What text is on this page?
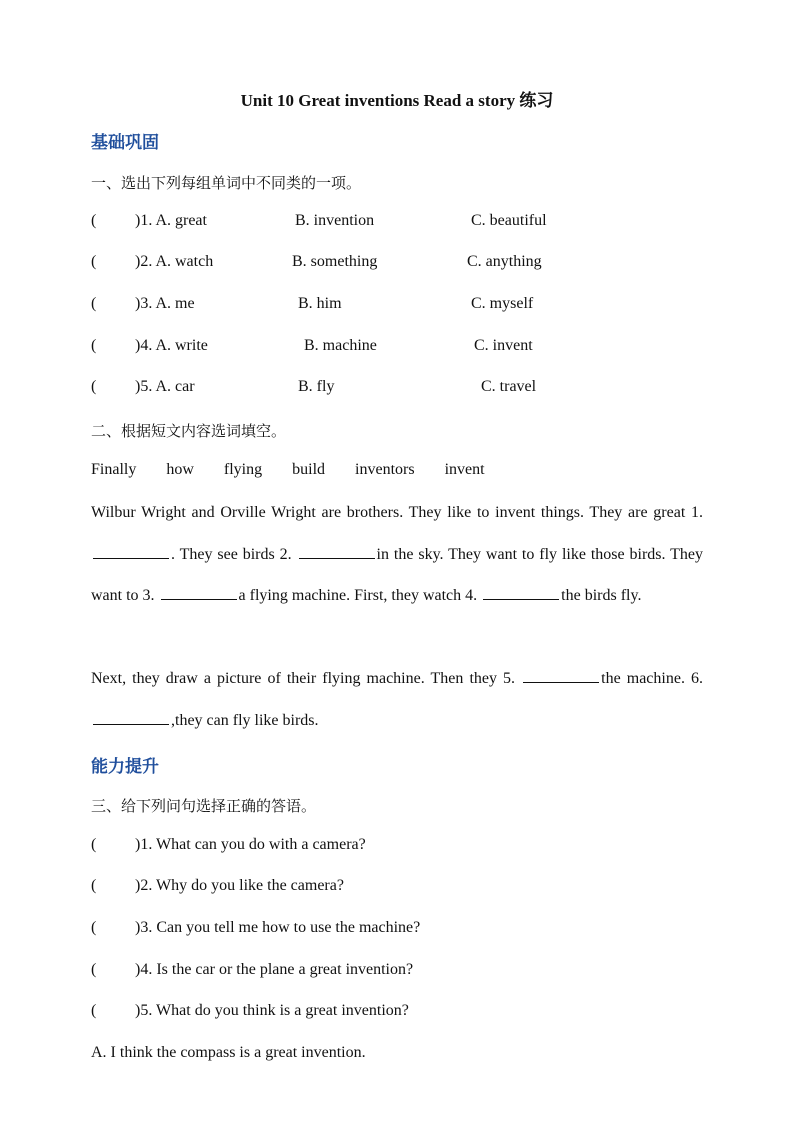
Unit 10 Great inventions Read a story 练习
基础巩固
一、选出下列每组单词中不同类的一项。
( )1. A. great	B. invention	C. beautiful
( )2. A. watch	B. something	C. anything
( )3. A. me	B. him	C. myself
( )4. A. write	B. machine	C. invent
( )5. A. car	B. fly	C. travel
二、根据短文内容选词填空。
Finally how flying build inventors invent
Wilbur Wright and Orville Wright are brothers. They like to invent things. They are great 1. . They see birds 2.	in the sky. They want to fly like those birds. They want to 3.	a flying machine. First, they watch 4.	the birds fly.
Next, they draw a picture of their flying machine. Then they 5.	the machine. 6. ,they can fly like birds.
能力提升
三、给下列问句选择正确的答语。
( )1. What can you do with a camera?
( )2. Why do you like the camera?
( )3. Can you tell me how to use the machine?
( )4. Is the car or the plane a great invention?
( )5. What do you think is a great invention?
A. I think the compass is a great invention.
